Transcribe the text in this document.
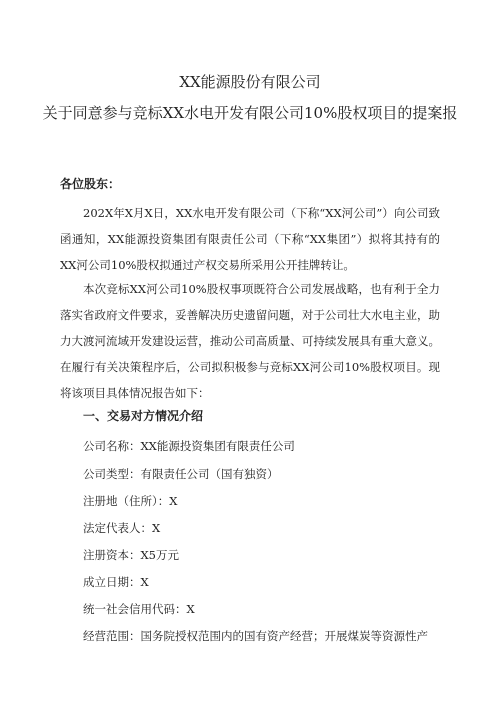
XX能源股份有限公司
关于同意参与竞标XX水电开发有限公司10%股权项目的提案报
各位股东：

202X年X月X日，XX水电开发有限公司（下称“XX河公司”）向公司致函通知，XX能源投资集团有限责任公司（下称“XX集团”）拟将其持有的XX河公司10%股权拟通过产权交易所采用公开挂牌转让。

本次竞标XX河公司10%股权事项既符合公司发展战略，也有利于全力落实省政府文件要求，妥善解决历史遗留问题，对于公司壮大水电主业，助力大渡河流域开发建设运营，推动公司高质量、可持续发展具有重大意义。在履行有关决策程序后，公司拟积极参与竞标XX河公司10%股权项目。现将该项目具体情况报告如下：

一、交易对方情况介绍
公司名称：XX能源投资集团有限责任公司
公司类型：有限责任公司（国有独资）
注册地（住所）：X
法定代表人：X
注册资本：X5万元
成立日期：X
统一社会信用代码：X
经营范围：国务院授权范围内的国有资产经营；开展煤炭等资源性产
